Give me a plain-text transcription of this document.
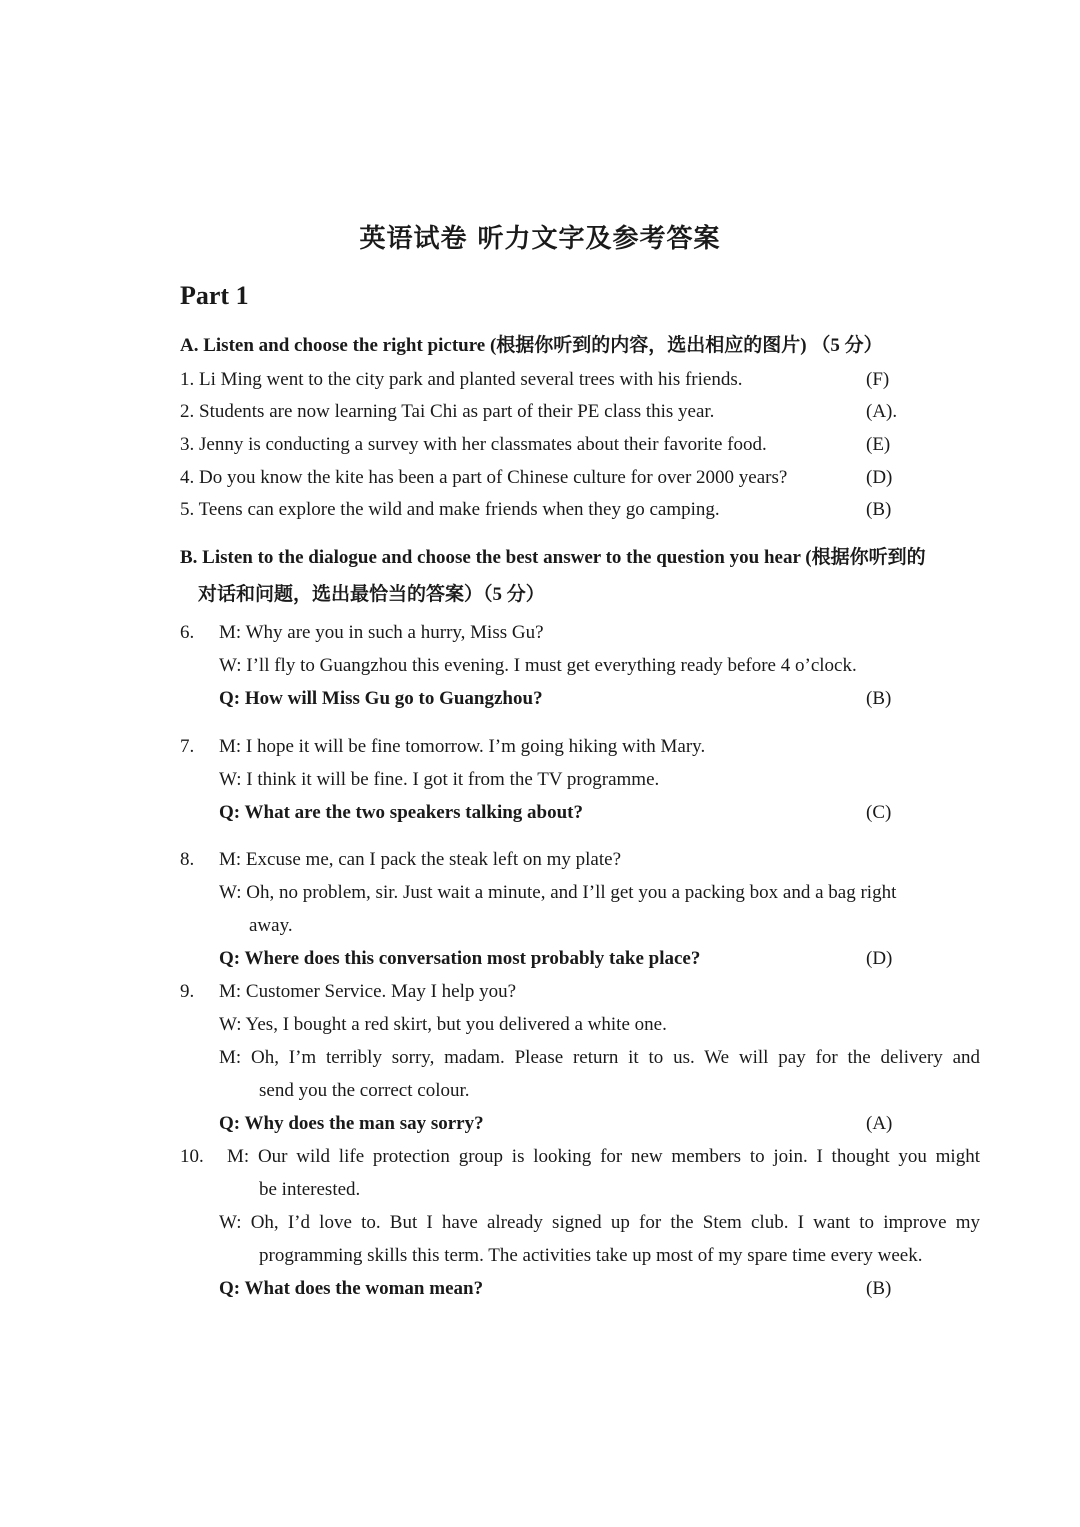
英语试卷 听力文字及参考答案
Part 1
A. Listen and choose the right picture (根据你听到的内容，选出相应的图片) （5 分）
1. Li Ming went to the city park and planted several trees with his friends.	(F)
2. Students are now learning Tai Chi as part of their PE class this year.	(A).
3. Jenny is conducting a survey with her classmates about their favorite food.	(E)
4. Do you know the kite has been a part of Chinese culture for over 2000 years?	(D)
5. Teens can explore the wild and make friends when they go camping.	(B)
B. Listen to the dialogue and choose the best answer to the question you hear (根据你听到的
对话和问题，选出最恰当的答案）（5 分）
6. M: Why are you in such a hurry, Miss Gu?
W: I’ll fly to Guangzhou this evening. I must get everything ready before 4 o’clock.
Q: How will Miss Gu go to Guangzhou?	(B)
7. M: I hope it will be fine tomorrow. I’m going hiking with Mary.
W: I think it will be fine. I got it from the TV programme.
Q: What are the two speakers talking about?	(C)
8. M: Excuse me, can I pack the steak left on my plate?
W: Oh, no problem, sir. Just wait a minute, and I’ll get you a packing box and a bag right
away.
Q: Where does this conversation most probably take place?	(D)
9. M: Customer Service. May I help you?
W: Yes, I bought a red skirt, but you delivered a white one.
M: Oh, I’m terribly sorry, madam. Please return it to us. We will pay for the delivery and
send you the correct colour.
Q: Why does the man say sorry?	(A)
10. M: Our wild life protection group is looking for new members to join. I thought you might
be interested.
W: Oh, I’d love to. But I have already signed up for the Stem club. I want to improve my
programming skills this term. The activities take up most of my spare time every week.
Q: What does the woman mean?	(B)
